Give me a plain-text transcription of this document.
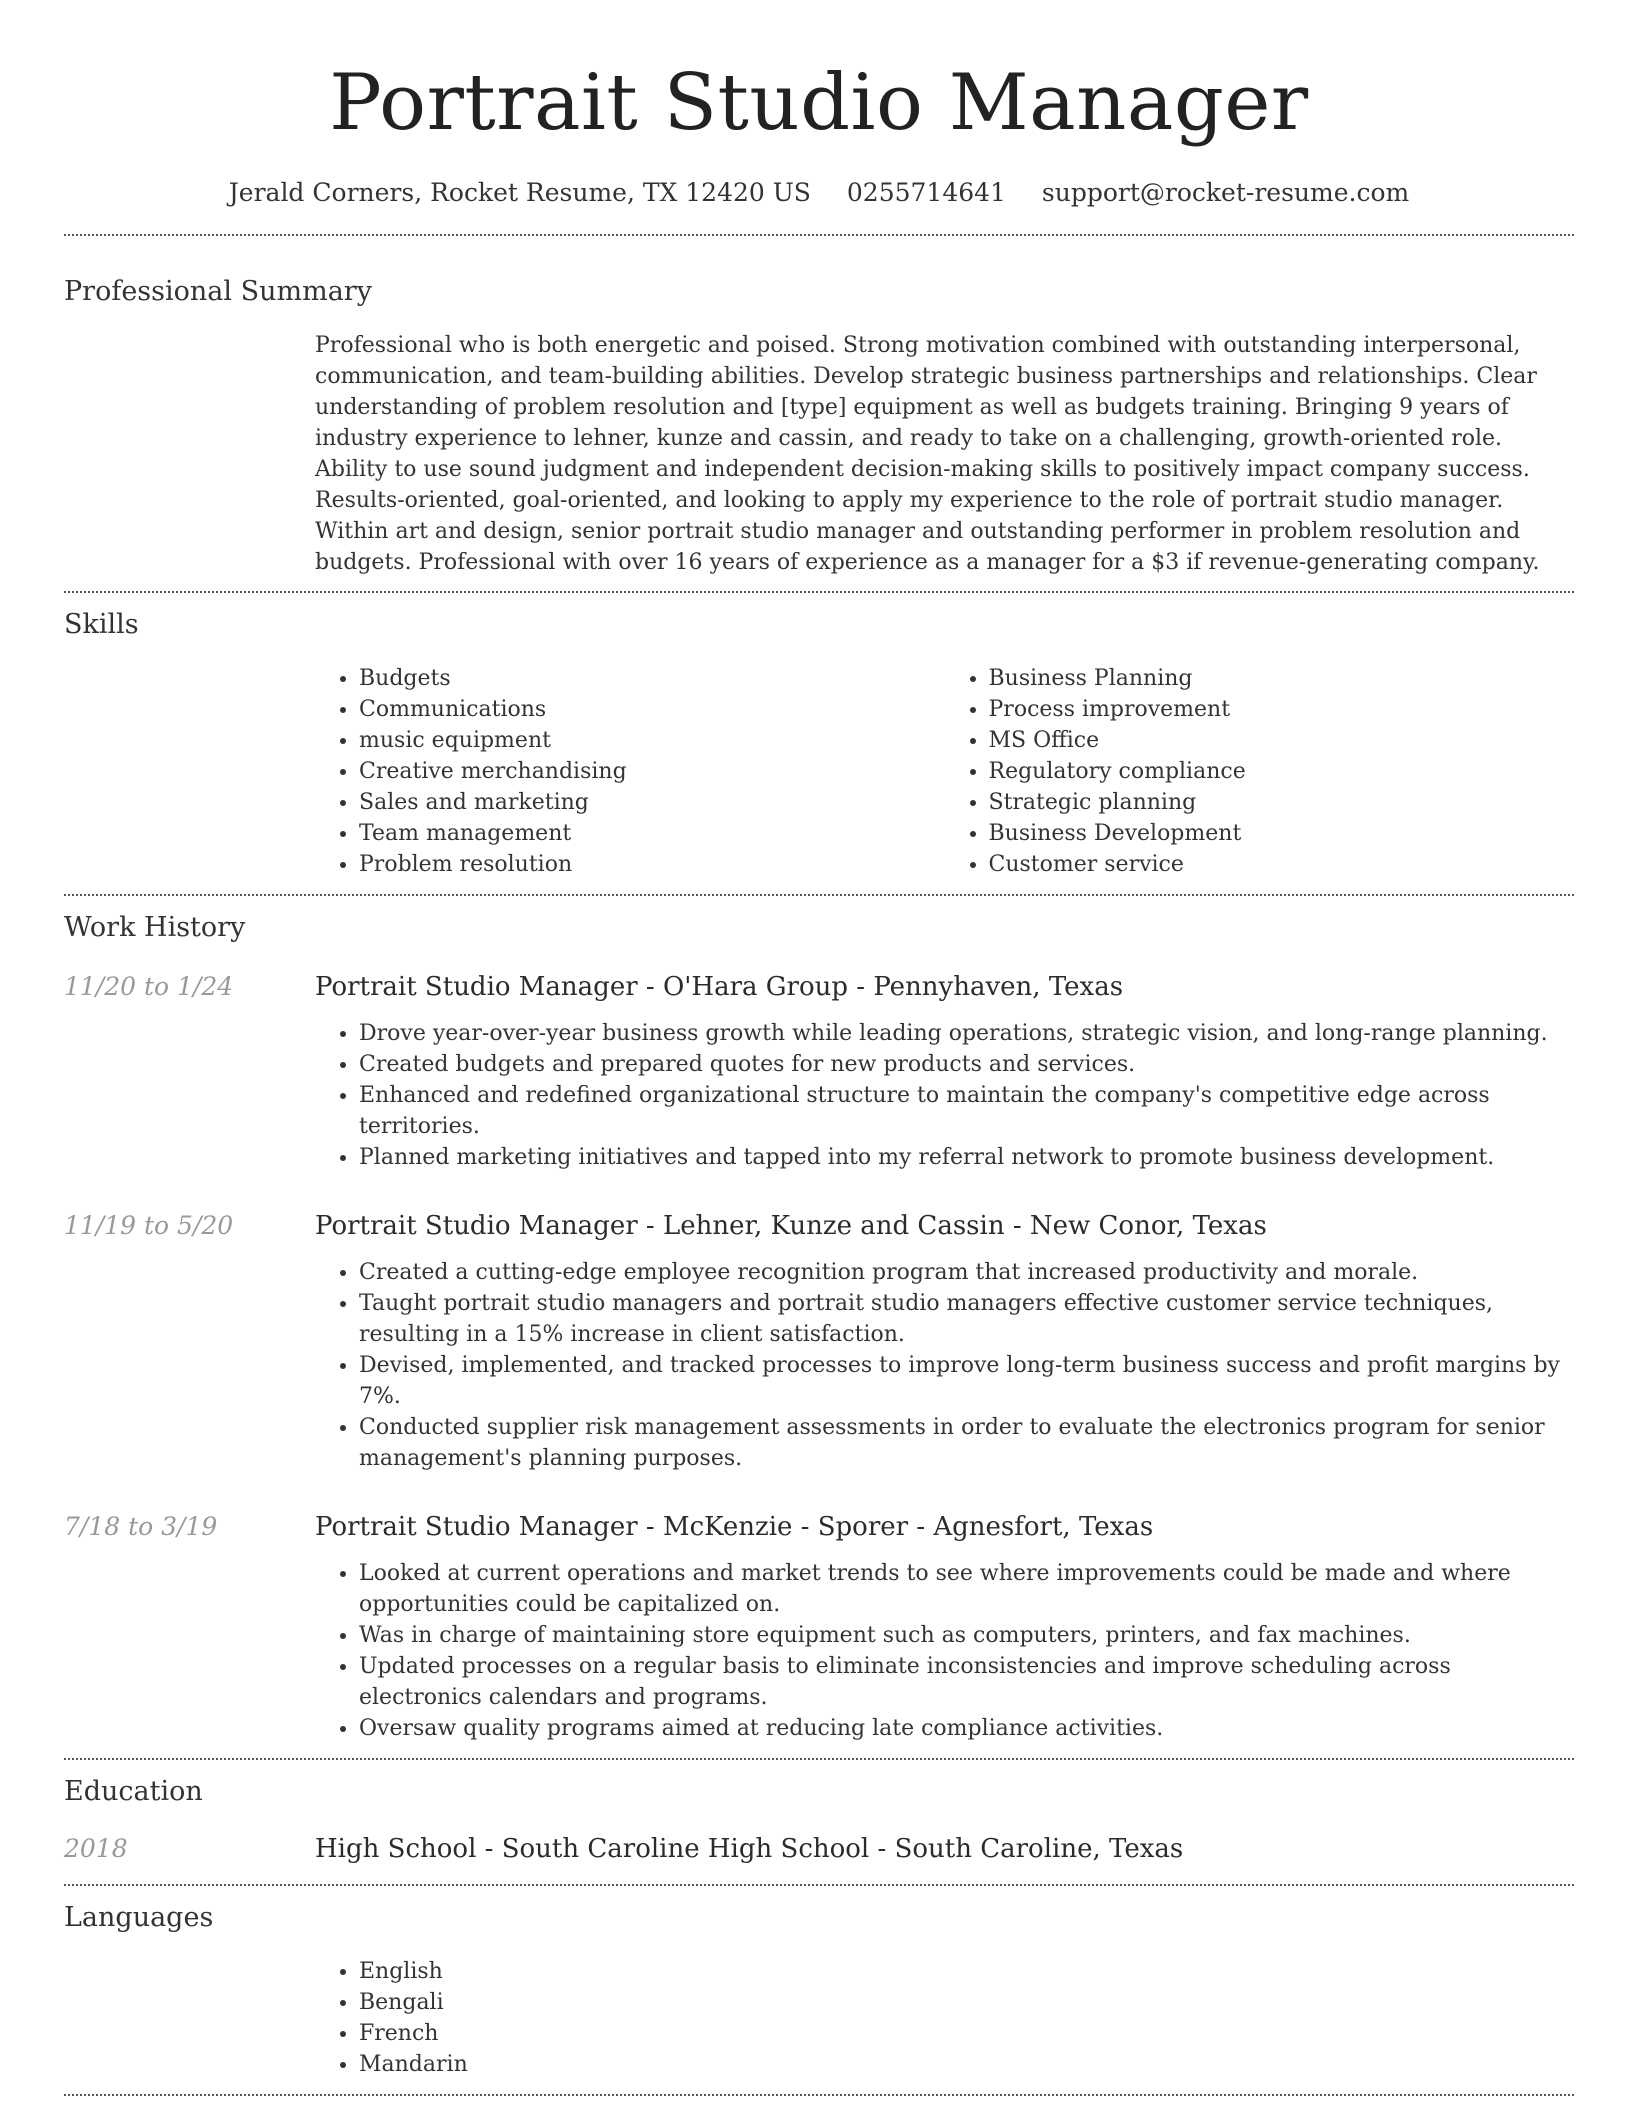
Portrait Studio Manager
Jerald Corners, Rocket Resume, TX 12420 US 0255714641 support@rocket-resume.com
Professional Summary
Professional who is both energetic and poised. Strong motivation combined with outstanding interpersonal, communication, and team-building abilities. Develop strategic business partnerships and relationships. Clear understanding of problem resolution and [type] equipment as well as budgets training. Bringing 9 years of industry experience to lehner, kunze and cassin, and ready to take on a challenging, growth-oriented role. Ability to use sound judgment and independent decision-making skills to positively impact company success. Results-oriented, goal-oriented, and looking to apply my experience to the role of portrait studio manager. Within art and design, senior portrait studio manager and outstanding performer in problem resolution and budgets. Professional with over 16 years of experience as a manager for a $3 if revenue-generating company.
Skills
• Budgets
• Communications
• music equipment
• Creative merchandising
• Sales and marketing
• Team management
• Problem resolution
• Business Planning
• Process improvement
• MS Office
• Regulatory compliance
• Strategic planning
• Business Development
• Customer service
Work History
11/20 to 1/24	Portrait Studio Manager - O'Hara Group - Pennyhaven, Texas
• Drove year-over-year business growth while leading operations, strategic vision, and long-range planning.
• Created budgets and prepared quotes for new products and services.
• Enhanced and redefined organizational structure to maintain the company's competitive edge across territories.
• Planned marketing initiatives and tapped into my referral network to promote business development.
11/19 to 5/20	Portrait Studio Manager - Lehner, Kunze and Cassin - New Conor, Texas
• Created a cutting-edge employee recognition program that increased productivity and morale.
• Taught portrait studio managers and portrait studio managers effective customer service techniques, resulting in a 15% increase in client satisfaction.
• Devised, implemented, and tracked processes to improve long-term business success and profit margins by 7%.
• Conducted supplier risk management assessments in order to evaluate the electronics program for senior management's planning purposes.
7/18 to 3/19	Portrait Studio Manager - McKenzie - Sporer - Agnesfort, Texas
• Looked at current operations and market trends to see where improvements could be made and where opportunities could be capitalized on.
• Was in charge of maintaining store equipment such as computers, printers, and fax machines.
• Updated processes on a regular basis to eliminate inconsistencies and improve scheduling across electronics calendars and programs.
• Oversaw quality programs aimed at reducing late compliance activities.
Education
2018	High School - South Caroline High School - South Caroline, Texas
Languages
• English
• Bengali
• French
• Mandarin
